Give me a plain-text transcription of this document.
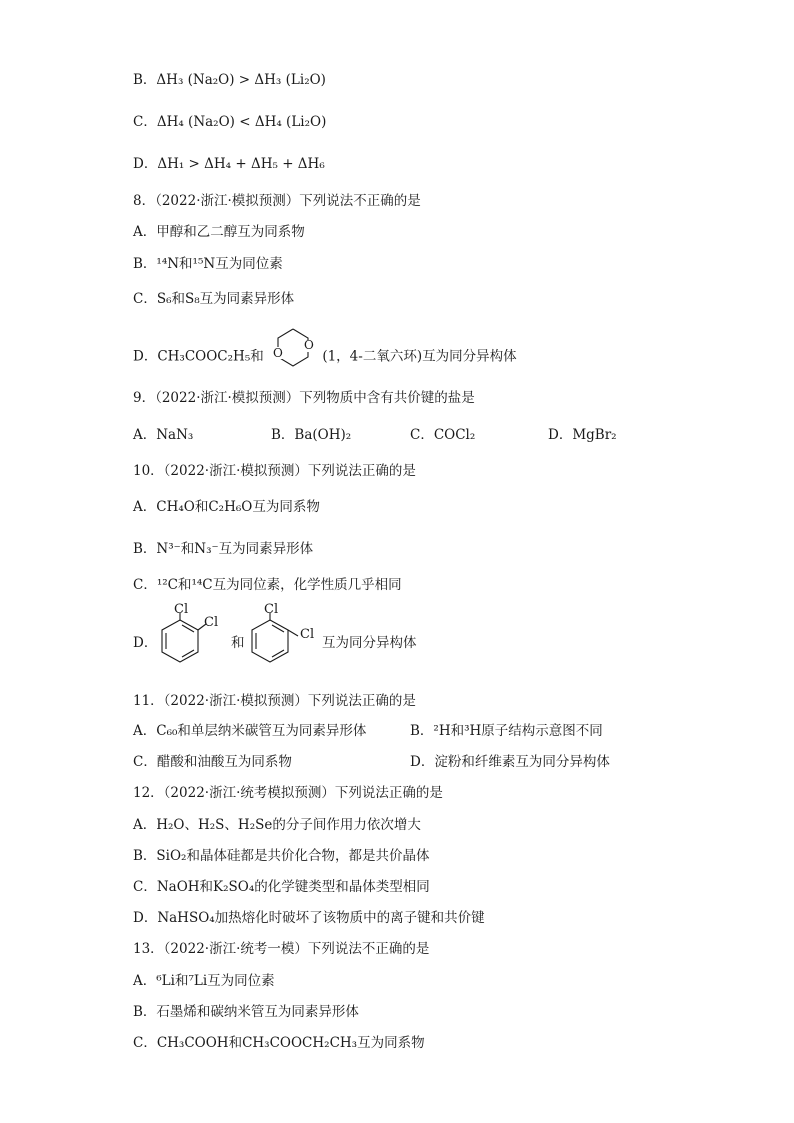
B．ΔH₃ (Na₂O) > ΔH₃ (Li₂O)
C．ΔH₄ (Na₂O) < ΔH₄ (Li₂O)
D．ΔH₁ > ΔH₄ + ΔH₅ + ΔH₆
8．（2022·浙江·模拟预测）下列说法不正确的是
A．甲醇和乙二醇互为同系物
B．¹⁴N和¹⁵N互为同位素
C．S₆和S₈互为同素异形体
D．CH₃COOC₂H₅和
O
O	(1，4-二氧六环)互为同分异构体
9．（2022·浙江·模拟预测）下列物质中含有共价键的盐是
A．NaN₃	B．Ba(OH)₂	C．COCl₂	D．MgBr₂
10．（2022·浙江·模拟预测）下列说法正确的是
A．CH₄O和C₂H₆O互为同系物
B．N³⁻和N₃⁻互为同素异形体
C．¹²C和¹⁴C互为同位素，化学性质几乎相同
D．
Cl
Cl
和
Cl
Cl
互为同分异构体
11．（2022·浙江·模拟预测）下列说法正确的是
A．C₆₀和单层纳米碳管互为同素异形体	B．²H和³H原子结构示意图不同
C．醋酸和油酸互为同系物	D．淀粉和纤维素互为同分异构体
12．（2022·浙江·统考模拟预测）下列说法正确的是
A．H₂O、H₂S、H₂Se的分子间作用力依次增大
B．SiO₂和晶体硅都是共价化合物，都是共价晶体
C．NaOH和K₂SO₄的化学键类型和晶体类型相同
D．NaHSO₄加热熔化时破坏了该物质中的离子键和共价键
13．（2022·浙江·统考一模）下列说法不正确的是
A．⁶Li和⁷Li互为同位素
B．石墨烯和碳纳米管互为同素异形体
C．CH₃COOH和CH₃COOCH₂CH₃互为同系物
